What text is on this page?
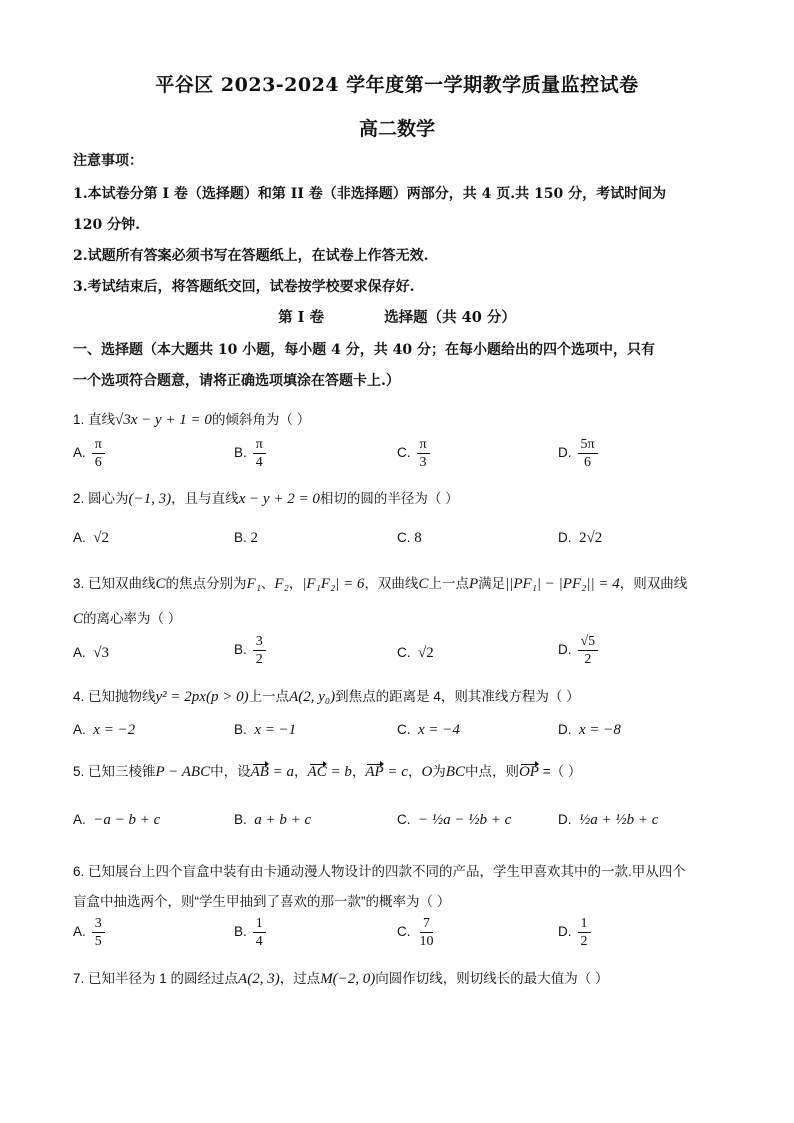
平谷区 2023-2024 学年度第一学期教学质量监控试卷
高二数学
注意事项：
1.本试卷分第 I 卷（选择题）和第 II 卷（非选择题）两部分，共 4 页.共 150 分，考试时间为
120 分钟.
2.试题所有答案必须书写在答题纸上，在试卷上作答无效.
3.考试结束后，将答题纸交回，试卷按学校要求保存好.
第 I 卷	选择题（共 40 分）
一、选择题（本大题共 10 小题，每小题 4 分，共 40 分；在每小题给出的四个选项中，只有
一个选项符合题意，请将正确选项填涂在答题卡上.）
1. 直线√3x − y + 1 = 0的倾斜角为（ ）
A. $\frac{\pi}{6}$	B. $\frac{\pi}{4}$	C. $\frac{\pi}{3}$	D. $\frac{5\pi}{6}$
2. 圆心为(−1, 3)，且与直线x − y + 2 = 0相切的圆的半径为（ ）
A. √2	B. 2	C. 8	D. 2√2
3. 已知双曲线C的焦点分别为F₁、F₂，|F₁F₂| = 6，双曲线C上一点P满足||PF₁| − |PF₂|| = 4，则双曲线
C的离心率为（ ）
A. √3	B. $\frac{3}{2}$	C. √2	D. $\frac{√5}{2}$
4. 已知抛物线y² = 2px(p > 0)上一点A(2, y₀)到焦点的距离是 4，则其准线方程为（ ）
A. x = −2	B. x = −1	C. x = −4	D. x = −8
5. 已知三棱锥P − ABC中，设AB = a，AC = b，AP = c，O为BC中点，则OP =（ ）
A. −a − b + c	B. a + b + c	C. − ½a − ½b + c	D. ½a + ½b + c
6. 已知展台上四个盲盒中装有由卡通动漫人物设计的四款不同的产品，学生甲喜欢其中的一款.甲从四个
盲盒中抽选两个，则“学生甲抽到了喜欢的那一款”的概率为（ ）
A. $\frac{3}{5}$	B. $\frac{1}{4}$	C. $\frac{7}{10}$	D. $\frac{1}{2}$
7. 已知半径为 1 的圆经过点A(2, 3)，过点M(−2, 0)向圆作切线，则切线长的最大值为（ ）
